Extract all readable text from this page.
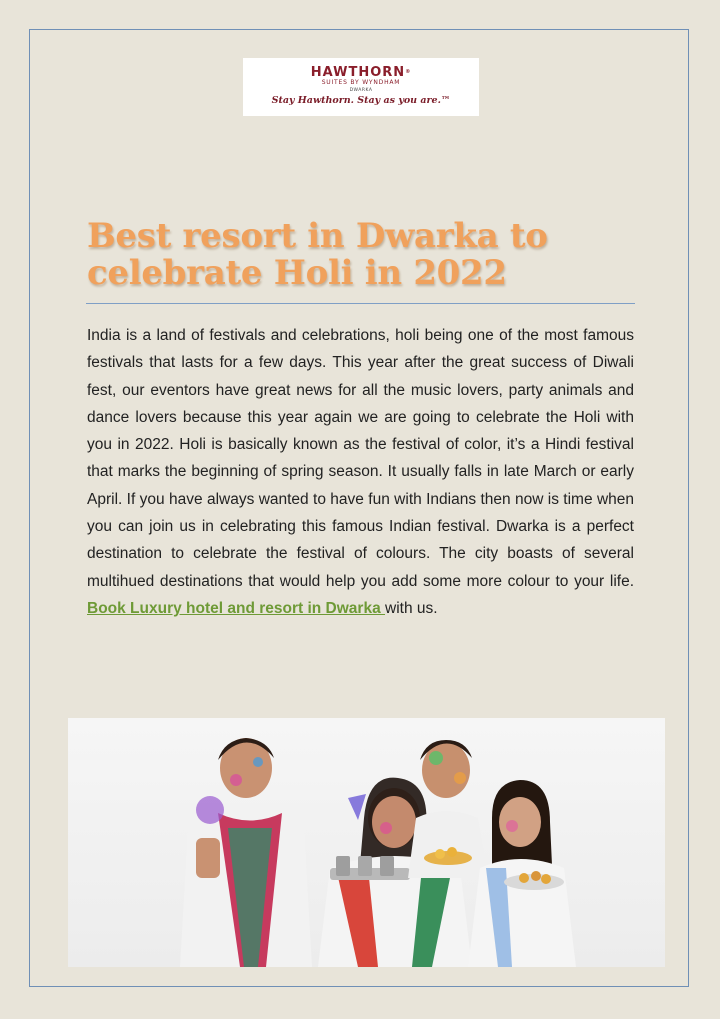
HAWTHORN®
SUITES BY WYNDHAM
DWARKA
Stay Hawthorn. Stay as you are.™
Best resort in Dwarka to celebrate Holi in 2022

India is a land of festivals and celebrations, holi being one of the most famous festivals that lasts for a few days. This year after the great success of Diwali fest, our eventors have great news for all the music lovers, party animals and dance lovers because this year again we are going to celebrate the Holi with you in 2022. Holi is basically known as the festival of color, it’s a Hindi festival that marks the beginning of spring season. It usually falls in late March or early April. If you have always wanted to have fun with Indians then now is time when you can join us in celebrating this famous Indian festival. Dwarka is a perfect destination to celebrate the festival of colours. The city boasts of several multihued destinations that would help you add some more colour to your life. Book Luxury hotel and resort in Dwarka with us.
